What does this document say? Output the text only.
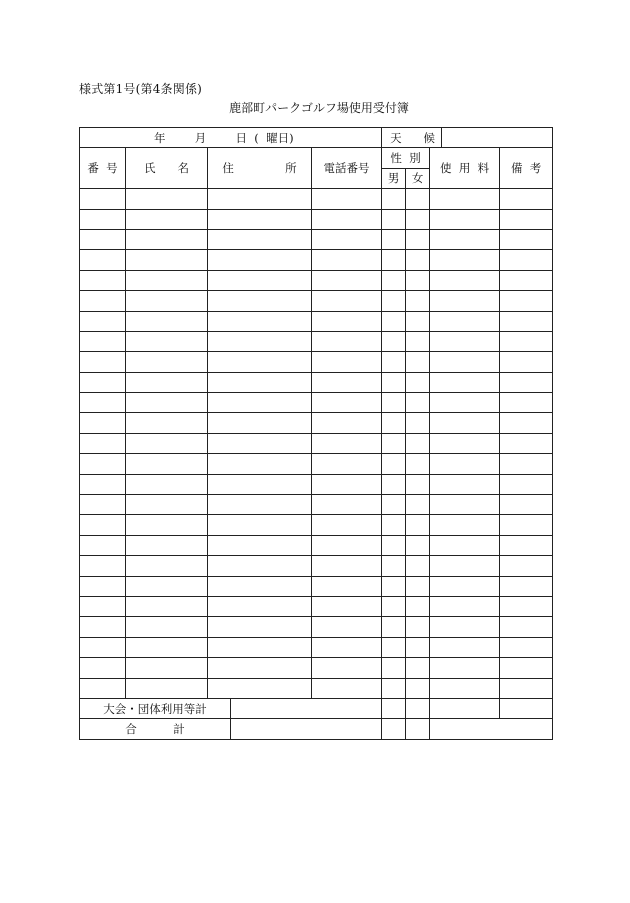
様式第1号(第4条関係)
鹿部町パークゴルフ場使用受付簿
年        月        日  (  曜日)					天      候				
番  号	氏      名	住              所		電話番号	性  別		使  用  料		備  考
					男	女			

大会・団体利用等計									
合          計									
